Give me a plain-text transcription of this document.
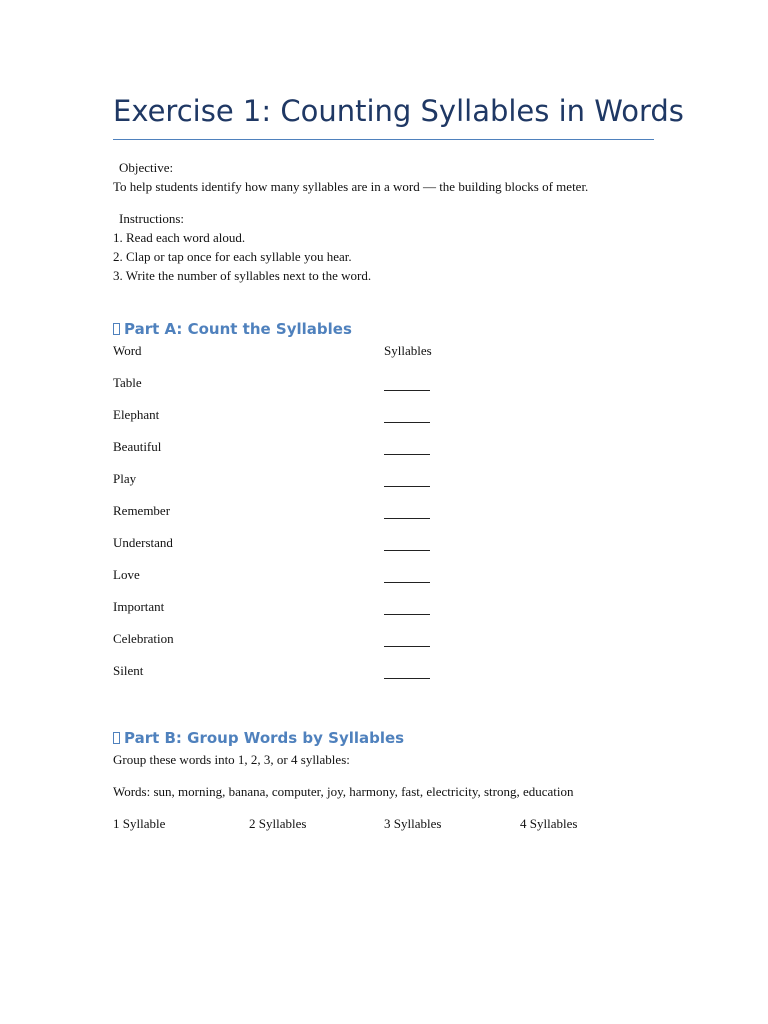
Exercise 1: Counting Syllables in Words
Objective:
To help students identify how many syllables are in a word — the building blocks of meter.
Instructions:
1. Read each word aloud.
2. Clap or tap once for each syllable you hear.
3. Write the number of syllables next to the word.
Part A: Count the Syllables
Word	Syllables
Table
Elephant
Beautiful
Play
Remember
Understand
Love
Important
Celebration
Silent
Part B: Group Words by Syllables
Group these words into 1, 2, 3, or 4 syllables:
Words: sun, morning, banana, computer, joy, harmony, fast, electricity, strong, education
1 Syllable	2 Syllables	3 Syllables	4 Syllables
